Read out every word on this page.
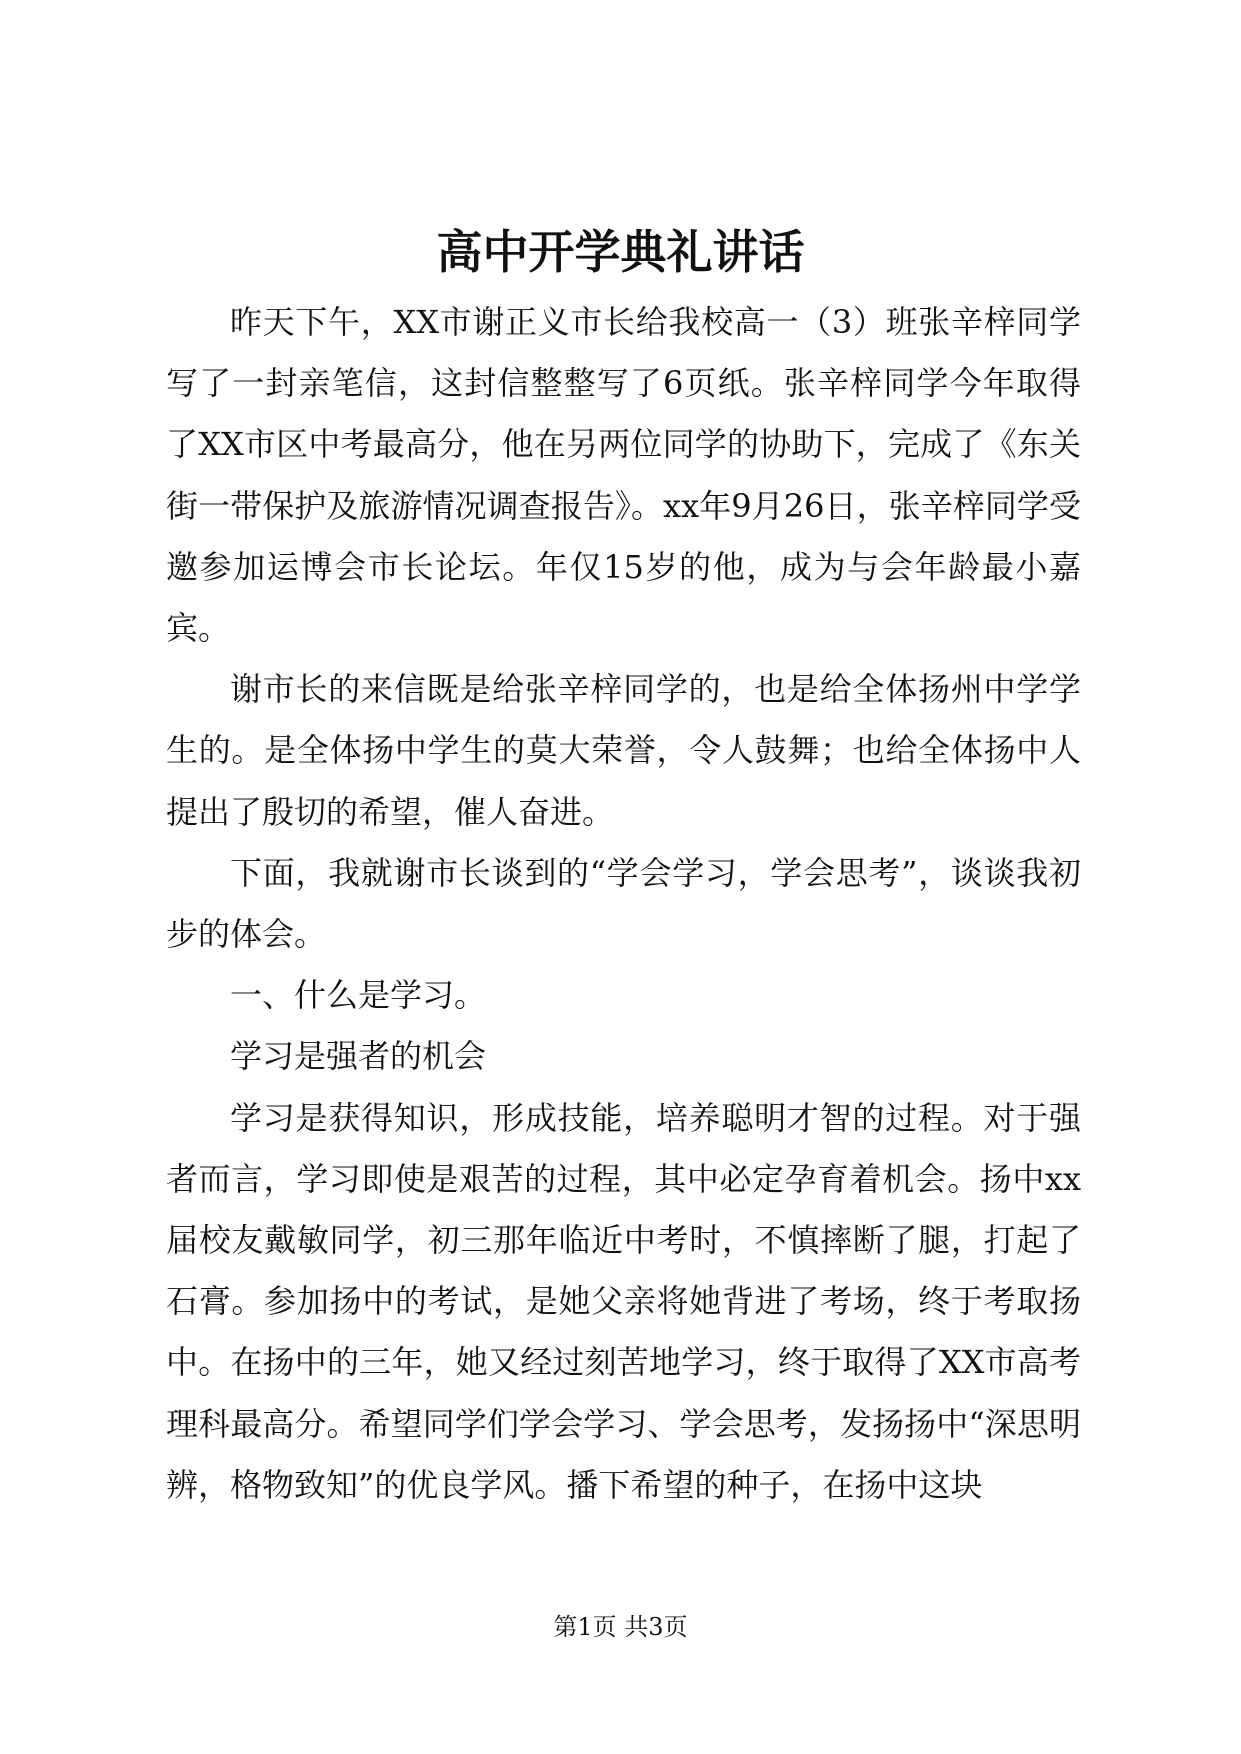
高中开学典礼讲话

昨天下午，XX市谢正义市长给我校高一（3）班张辛梓同学写了一封亲笔信，这封信整整写了6页纸。张辛梓同学今年取得了XX市区中考最高分，他在另两位同学的协助下，完成了《东关街一带保护及旅游情况调查报告》。xx年9月26日，张辛梓同学受邀参加运博会市长论坛。年仅15岁的他，成为与会年龄最小嘉宾。

谢市长的来信既是给张辛梓同学的，也是给全体扬州中学学生的。是全体扬中学生的莫大荣誉，令人鼓舞；也给全体扬中人提出了殷切的希望，催人奋进。

下面，我就谢市长谈到的“学会学习，学会思考”，谈谈我初步的体会。

一、什么是学习。

学习是强者的机会

学习是获得知识，形成技能，培养聪明才智的过程。对于强者而言，学习即使是艰苦的过程，其中必定孕育着机会。扬中xx届校友戴敏同学，初三那年临近中考时，不慎摔断了腿，打起了石膏。参加扬中的考试，是她父亲将她背进了考场，终于考取扬中。在扬中的三年，她又经过刻苦地学习，终于取得了XX市高考理科最高分。希望同学们学会学习、学会思考，发扬扬中“深思明辨，格物致知”的优良学风。播下希望的种子，在扬中这块

第1页 共3页
